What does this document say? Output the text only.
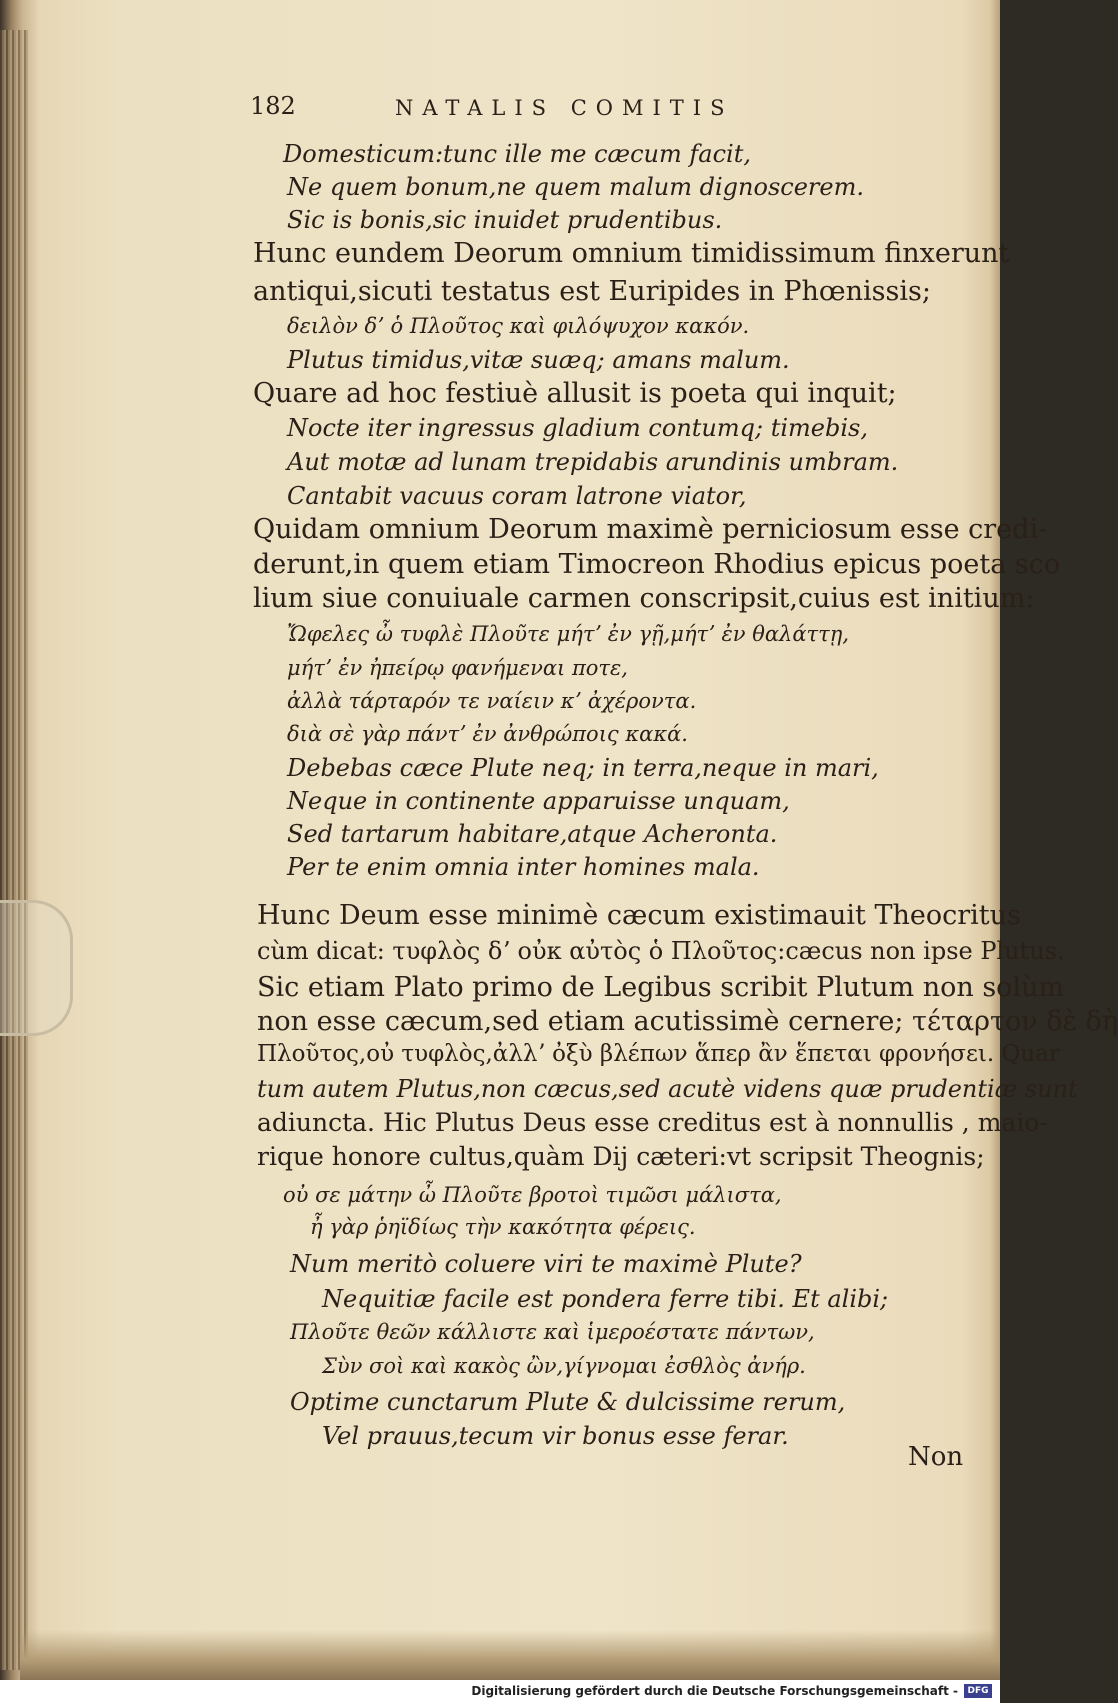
182	NATALIS COMITIS
Domesticum:tunc ille me cæcum facit,
Ne quem bonum,ne quem malum dignoscerem.
Sic is bonis,sic inuidet prudentibus.
Hunc eundem Deorum omnium timidissimum finxerunt
antiqui,sicuti testatus est Euripides in Phœnissis;
δειλὸν δʼ ὁ Πλοῦτος καὶ φιλόψυχον κακόν.
Plutus timidus,vitæ suæq; amans malum.
Quare ad hoc festiuè allusit is poeta qui inquit;
Nocte iter ingressus gladium contumq; timebis,
Aut motæ ad lunam trepidabis arundinis umbram.
Cantabit vacuus coram latrone viator,
Quidam omnium Deorum maximè perniciosum esse credi-
derunt,in quem etiam Timocreon Rhodius epicus poeta sco
lium siue conuiuale carmen conscripsit,cuius est initium:
Ὤφελες ὦ τυφλὲ Πλοῦτε μήτʼ ἐν γῇ,μήτʼ ἐν θαλάττῃ,
μήτʼ ἐν ἠπείρῳ φανήμεναι ποτε,
ἀλλὰ τάρταρόν τε ναίειν κʼ ἀχέροντα.
διὰ σὲ γὰρ πάντʼ ἐν ἀνθρώποις κακά.
Debebas cæce Plute neq; in terra,neque in mari,
Neque in continente apparuisse unquam,
Sed tartarum habitare,atque Acheronta.
Per te enim omnia inter homines mala.
Hunc Deum esse minimè cæcum existimauit Theocritus
cùm dicat: τυφλὸς δʼ οὐκ αὐτὸς ὁ Πλοῦτος:cæcus non ipse Plutus.
Sic etiam Plato primo de Legibus scribit Plutum non solùm
non esse cæcum,sed etiam acutissimè cernere; τέταρτον δὲ δὴ
Πλοῦτος,οὐ τυφλὸς,ἀλλʼ ὀξὺ βλέπων ἅπερ ἂν ἕπεται φρονήσει. Quar
tum autem Plutus,non cæcus,sed acutè videns quæ prudentiæ sunt
adiuncta. Hic Plutus Deus esse creditus est à nonnullis , maio-
rique honore cultus,quàm Dij cæteri:vt scripsit Theognis;
οὐ σε μάτην ὦ Πλοῦτε βροτοὶ τιμῶσι μάλιστα,
ἦ γὰρ ῥηϊδίως τὴν κακότητα φέρεις.
Num meritò coluere viri te maximè Plute?
Nequitiæ facile est pondera ferre tibi. Et alibi;
Πλοῦτε θεῶν κάλλιστε καὶ ἱμεροέστατε πάντων,
Σὺν σοὶ καὶ κακὸς ὢν,γίγνομαι ἐσθλὸς ἀνήρ.
Optime cunctarum Plute & dulcissime rerum,
Vel prauus,tecum vir bonus esse ferar.
Non
Digitalisierung gefördert durch die Deutsche Forschungsgemeinschaft -	DFG
